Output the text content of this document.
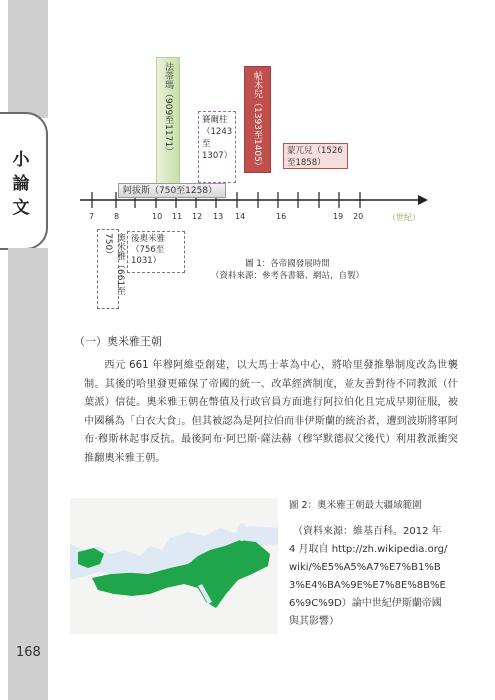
小
論
文
168
法蒂瑪（909至1171）	賽爾柱（1243至1307） 帖木兒（1393至1405）	蒙兀兒（1526至1858）
阿拔斯（750至1258）
7 8	10 11 12 13 14	16	19 20	（世紀）
奧米雅（661至750）	後奧米雅（756至1031）	圖 1：各帝國發展時間
（資料來源：參考各書籍、網站，自製）
（一）奧米雅王朝
西元 661 年穆阿維亞創建，以大馬士革為中心，將哈里發推舉制度改為世襲制。其後的哈里發更確保了帝國的統一、改革經濟制度，並友善對待不同教派（什葉派）信徒。奧米雅王朝在幣值及行政官員方面進行阿拉伯化且完成早期征服，被中國稱為「白衣大食」。但其被認為是阿拉伯而非伊斯蘭的統治者，遭到波斯將軍阿布‧穆斯林起事反抗。最後阿布‧阿巴斯‧薩法赫（穆罕默德叔父後代）利用教派衝突推翻奧米雅王朝。
圖 2：奧米雅王朝最大疆域範圍
（資料來源：維基百科。2012 年 4 月取自 http://zh.wikipedia.org/wiki/%E5%A5%A7%E7%B1%B3%E4%BA%9E%E7%8E%8B%E6%9C%9D）論中世紀伊斯蘭帝國與其影響）
